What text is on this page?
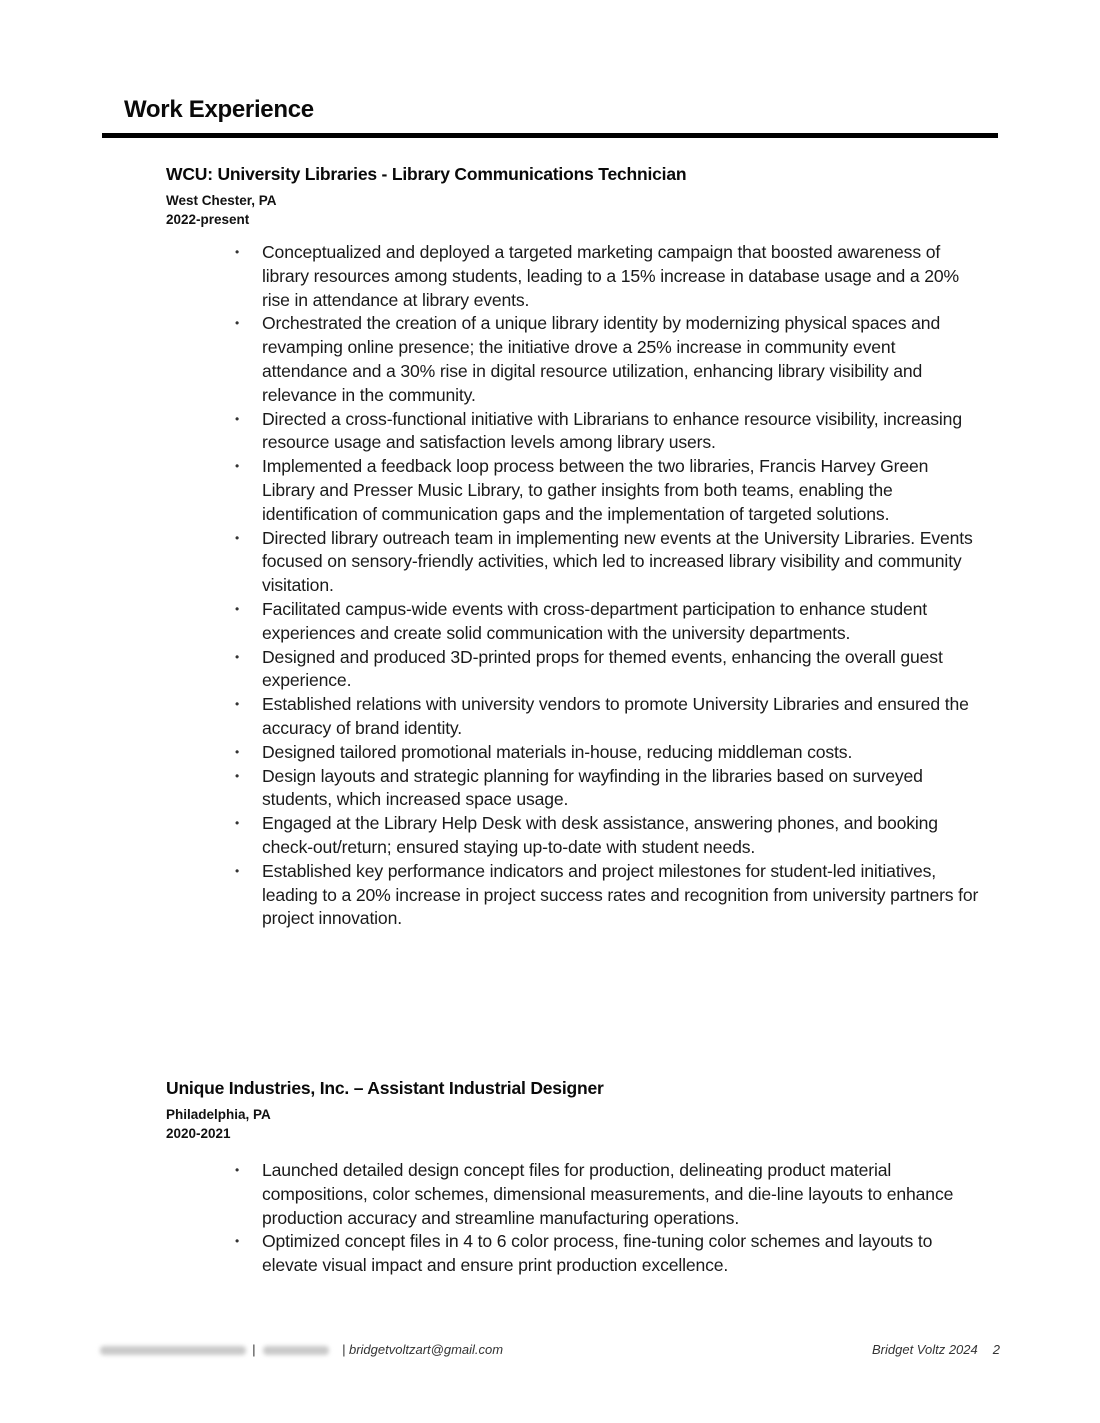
Work Experience
WCU: University Libraries - Library Communications Technician
West Chester, PA
2022-present
• Conceptualized and deployed a targeted marketing campaign that boosted awareness of library resources among students, leading to a 15% increase in database usage and a 20% rise in attendance at library events.
• Orchestrated the creation of a unique library identity by modernizing physical spaces and revamping online presence; the initiative drove a 25% increase in community event attendance and a 30% rise in digital resource utilization, enhancing library visibility and relevance in the community.
• Directed a cross-functional initiative with Librarians to enhance resource visibility, increasing resource usage and satisfaction levels among library users.
• Implemented a feedback loop process between the two libraries, Francis Harvey Green Library and Presser Music Library, to gather insights from both teams, enabling the identification of communication gaps and the implementation of targeted solutions.
• Directed library outreach team in implementing new events at the University Libraries. Events focused on sensory-friendly activities, which led to increased library visibility and community visitation.
• Facilitated campus-wide events with cross-department participation to enhance student experiences and create solid communication with the university departments.
• Designed and produced 3D-printed props for themed events, enhancing the overall guest experience.
• Established relations with university vendors to promote University Libraries and ensured the accuracy of brand identity.
• Designed tailored promotional materials in-house, reducing middleman costs.
• Design layouts and strategic planning for wayfinding in the libraries based on surveyed students, which increased space usage.
• Engaged at the Library Help Desk with desk assistance, answering phones, and booking check-out/return; ensured staying up-to-date with student needs.
• Established key performance indicators and project milestones for student-led initiatives, leading to a 20% increase in project success rates and recognition from university partners for project innovation.
Unique Industries, Inc. – Assistant Industrial Designer
Philadelphia, PA
2020-2021
• Launched detailed design concept files for production, delineating product material compositions, color schemes, dimensional measurements, and die-line layouts to enhance production accuracy and streamline manufacturing operations.
• Optimized concept files in 4 to 6 color process, fine-tuning color schemes and layouts to elevate visual impact and ensure print production excellence.
|	| bridgetvoltzart@gmail.com	Bridget Voltz 2024 2
